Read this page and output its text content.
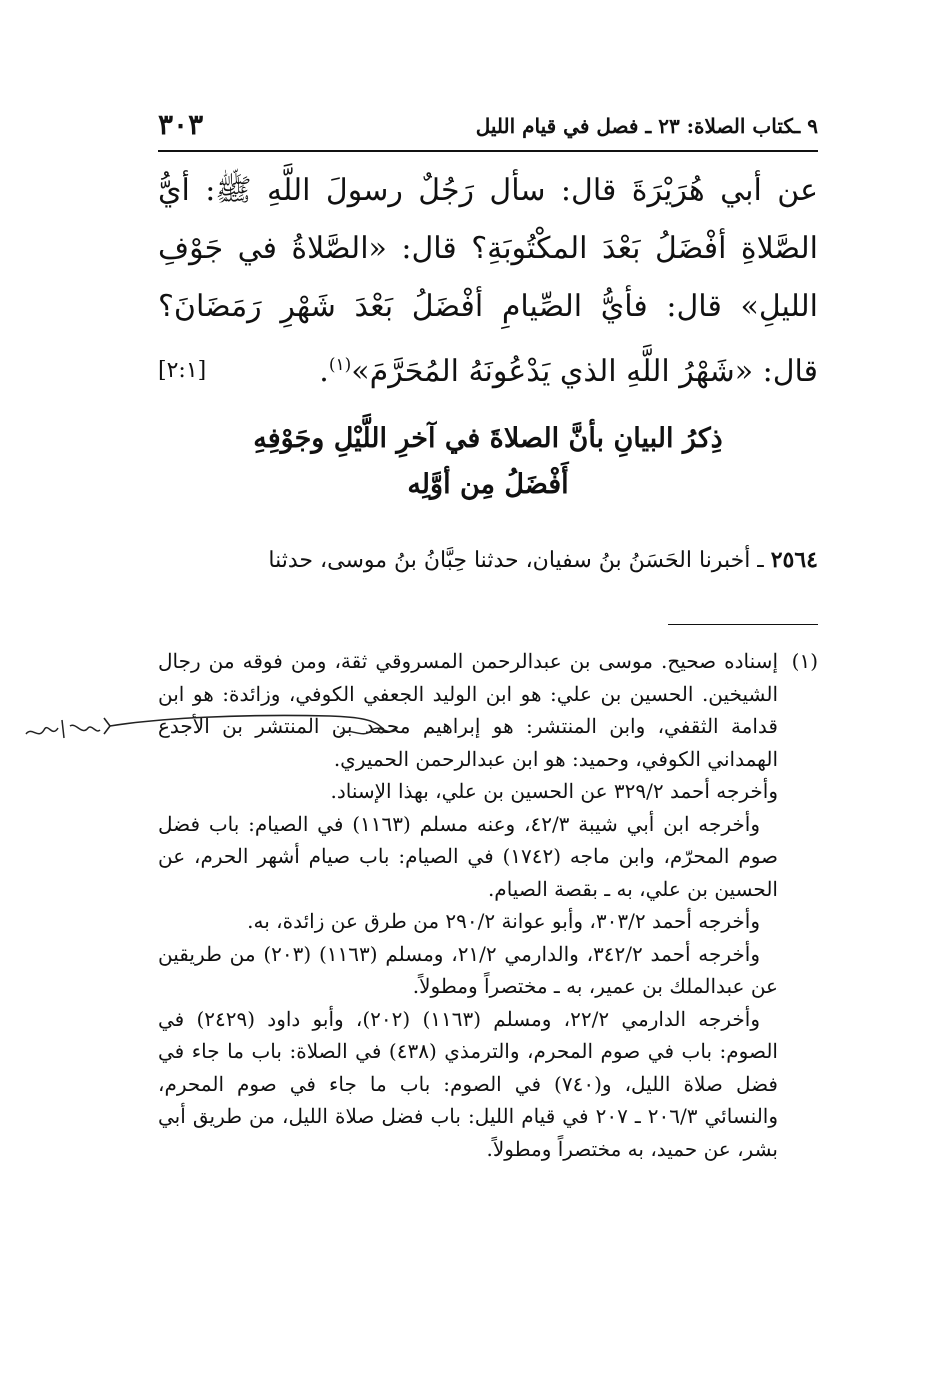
٩ ـكتاب الصلاة: ٢٣ ـ فصل في قيام الليل
٣٠٣
عن أبي هُرَيْرَةَ قال: سأل رَجُلٌ رسولَ اللَّهِ ﷺ: أيُّ الصَّلاةِ أفْضَلُ بَعْدَ المكْتُوبَةِ؟ قال: «الصَّلاةُ في جَوْفِ الليلِ» قال: فأيُّ الصِّيامِ أفْضَلُ بَعْدَ شَهْرِ رَمَضَانَ؟ قال: «شَهْرُ اللَّهِ الذي يَدْعُونَهُ المُحَرَّمَ»$^{(١)}$.
[٢:١]
ذِكرُ البيانِ بأنَّ الصلاةَ في آخرِ اللَّيْلِ وجَوْفِهِ
أَفْضَلُ مِن أوَّلِه
٢٥٦٤ ـ أخبرنا الحَسَنُ بنُ سفيان، حدثنا حِبَّانُ بنُ موسى، حدثنا

(١)
إسناده صحيح. موسى بن عبدالرحمن المسروقي ثقة، ومن فوقه من رجال الشيخين. الحسين بن علي: هو ابن الوليد الجعفي الكوفي، وزائدة: هو ابن قدامة الثقفي، وابن المنتشر: هو إبراهيم محمد بن المنتشر بن الأجدع الهمداني الكوفي، وحميد: هو ابن عبدالرحمن الحميري.

وأخرجه أحمد ٣٢٩/٢ عن الحسين بن علي، بهذا الإسناد.

وأخرجه ابن أبي شيبة ٤٢/٣، وعنه مسلم (١١٦٣) في الصيام: باب فضل صوم المحرّم، وابن ماجه (١٧٤٢) في الصيام: باب صيام أشهر الحرم، عن الحسين بن علي، به ـ بقصة الصيام.

وأخرجه أحمد ٣٠٣/٢، وأبو عوانة ٢٩٠/٢ من طرق عن زائدة، به.

وأخرجه أحمد ٣٤٢/٢، والدارمي ٢١/٢، ومسلم (١١٦٣) (٢٠٣) من طريقين عن عبدالملك بن عمير، به ـ مختصراً ومطولاً.

وأخرجه الدارمي ٢٢/٢، ومسلم (١١٦٣) (٢٠٢)، وأبو داود (٢٤٢٩) في الصوم: باب في صوم المحرم، والترمذي (٤٣٨) في الصلاة: باب ما جاء في فضل صلاة الليل، و(٧٤٠) في الصوم: باب ما جاء في صوم المحرم، والنسائي ٢٠٦/٣ ـ ٢٠٧ في قيام الليل: باب فضل صلاة الليل، من طريق أبي بشر، عن حميد، به مختصراً ومطولاً.
